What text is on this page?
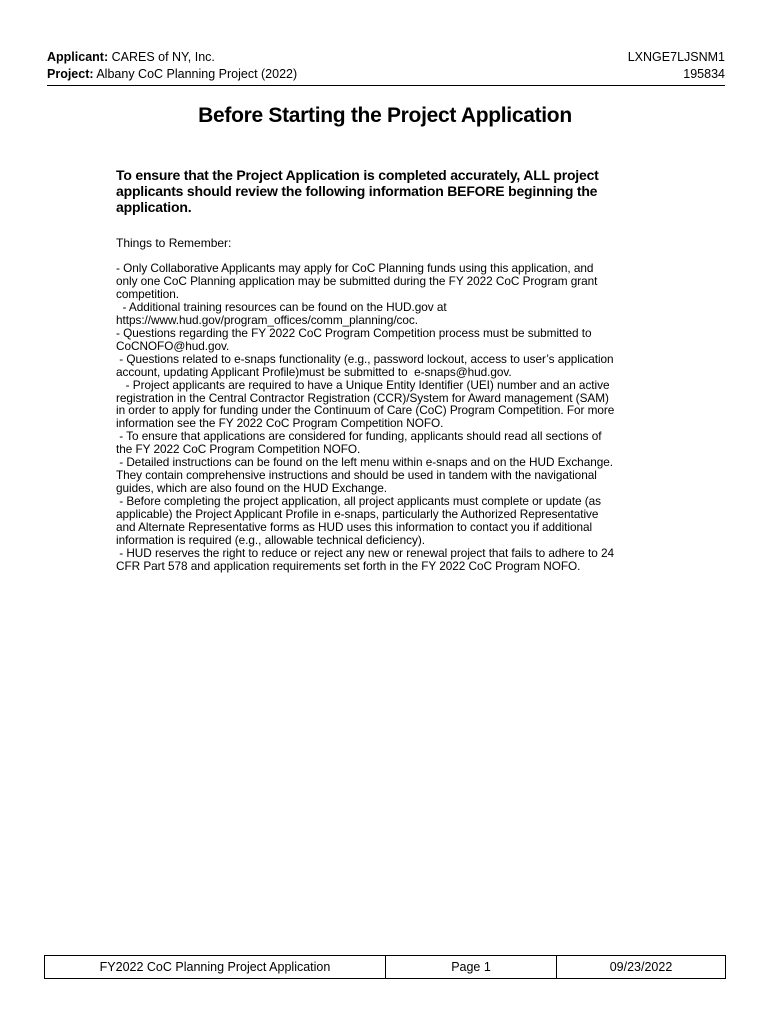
Applicant: CARES of NY, Inc.	LXNGE7LJSNM1
Project: Albany CoC Planning Project (2022)	195834
Before Starting the Project Application
To ensure that the Project Application is completed accurately, ALL project
applicants should review the following information BEFORE beginning the
application.
Things to Remember:
- Only Collaborative Applicants may apply for CoC Planning funds using this application, and
only one CoC Planning application may be submitted during the FY 2022 CoC Program grant
competition.
- Additional training resources can be found on the HUD.gov at
https://www.hud.gov/program_offices/comm_planning/coc.
- Questions regarding the FY 2022 CoC Program Competition process must be submitted to
CoCNOFO@hud.gov.
- Questions related to e-snaps functionality (e.g., password lockout, access to user’s application
account, updating Applicant Profile)must be submitted to  e-snaps@hud.gov.
- Project applicants are required to have a Unique Entity Identifier (UEI) number and an active
registration in the Central Contractor Registration (CCR)/System for Award management (SAM)
in order to apply for funding under the Continuum of Care (CoC) Program Competition. For more
information see the FY 2022 CoC Program Competition NOFO.
- To ensure that applications are considered for funding, applicants should read all sections of
the FY 2022 CoC Program Competition NOFO.
- Detailed instructions can be found on the left menu within e-snaps and on the HUD Exchange.
They contain comprehensive instructions and should be used in tandem with the navigational
guides, which are also found on the HUD Exchange.
- Before completing the project application, all project applicants must complete or update (as
applicable) the Project Applicant Profile in e-snaps, particularly the Authorized Representative
and Alternate Representative forms as HUD uses this information to contact you if additional
information is required (e.g., allowable technical deficiency).
- HUD reserves the right to reduce or reject any new or renewal project that fails to adhere to 24
CFR Part 578 and application requirements set forth in the FY 2022 CoC Program NOFO.
FY2022 CoC Planning Project Application	Page 1	09/23/2022
